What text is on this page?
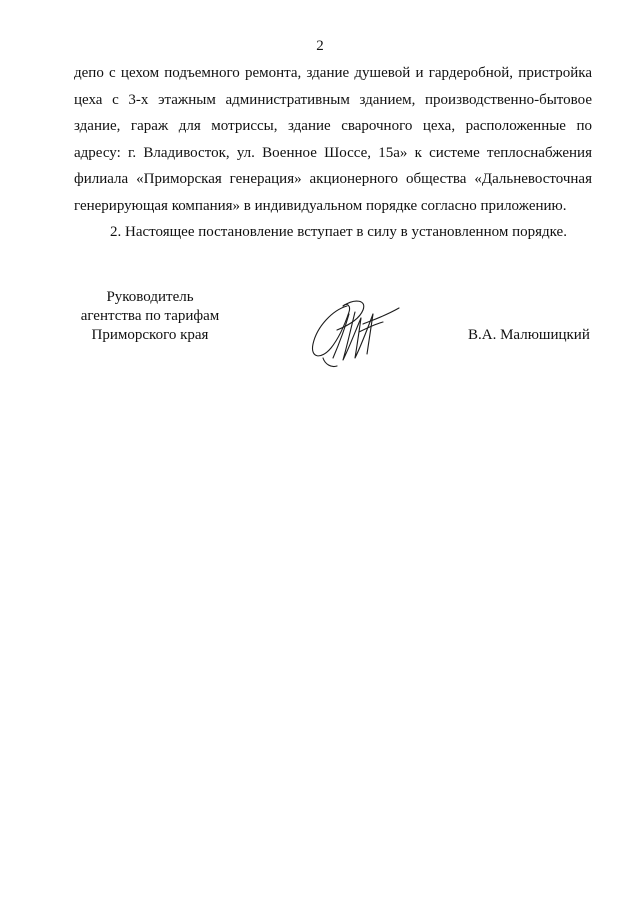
2

депо с цехом подъемного ремонта, здание душевой и гардеробной, пристройка
цеха с 3-х этажным административным зданием, производственно-бытовое
здание, гараж для мотриссы, здание сварочного цеха, расположенные по
адресу: г. Владивосток, ул. Военное Шоссе, 15а» к системе теплоснабжения
филиала «Приморская генерация» акционерного общества «Дальневосточная
генерирующая компания» в индивидуальном порядке согласно приложению.

2. Настоящее постановление вступает в силу в установленном порядке.

Руководитель
агентства по тарифам
Приморского края	В.А. Малюшицкий
